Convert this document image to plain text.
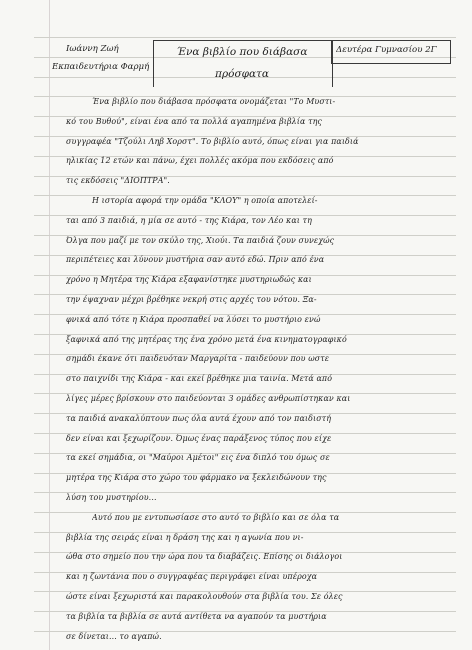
Ιωάννη Ζωή
Εκπαιδευτήρια Φαρμή
Ένα βιβλίο που διάβασα
πρόσφατα
Δευτέρα Γυμνασίου 2Γ
Ένα βιβλίο που διάβασα πρόσφατα ονομάζεται "Το Μυστι-
κό του Βυθού", είναι ένα από τα πολλά αγαπημένα βιβλία της
συγγραφέα "Τζούλι Ληβ Χορστ". Το βιβλίο αυτό, όπως είναι για παιδιά
ηλικίας 12 ετών και πάνω, έχει πολλές ακόμα που εκδόσεις από
τις εκδόσεις "ΔΙΟΠΤΡΑ".
Η ιστορία αφορά την ομάδα "ΚΛΟΥ" η οποία αποτελεί-
ται από 3 παιδιά, η μία σε αυτό - της Κιάρα, τον Λέο και τη
Όλγα που μαζί με τον σκύλο της, Χιούι. Τα παιδιά ζουν συνεχώς
περιπέτειες και λύνουν μυστήρια σαν αυτό εδώ. Πριν από ένα
χρόνο η Μητέρα της Κιάρα εξαφανίστηκε μυστηριωδώς και
την έψαχναν μέχρι βρέθηκε νεκρή στις αρχές του νότου. Ξα-
φνικά από τότε η Κιάρα προσπαθεί να λύσει το μυστήριο ενώ
ξαφνικά από της μητέρας της ένα χρόνο μετά ένα κινηματογραφικό
σημάδι έκανε ότι παιδευόταν Μαργαρίτα - παιδεύουν που ωστε
στο παιχνίδι της Κιάρα - και εκεί βρέθηκε μια ταινία. Μετά από
λίγες μέρες βρίσκουν στο παιδεύονται 3 ομάδες ανθρωπίστηκαν και
τα παιδιά ανακαλύπτουν πως όλα αυτά έχουν από τον παιδιστή
δεν είναι και ξεχωρίζουν. Όμως ένας παράξενος τύπος που είχε
τα εκεί σημάδια, οι "Μαύροι Αμέτοι" εις ένα διπλό του όμως σε
μητέρα της Κιάρα στο χώρο του φάρμακο να ξεκλειδώνουν της
λύση του μυστηρίου...
Αυτό που με εντυπωσίασε στο αυτό το βιβλίο και σε όλα τα
βιβλία της σειράς είναι η δράση της και η αγωνία που νι-
ώθα στο σημείο που την ώρα που τα διαβάζεις. Επίσης οι διάλογοι
και η ζωντάνια που ο συγγραφέας περιγράφει είναι υπέροχα
ώστε είναι ξεχωριστά και παρακολουθούν στα βιβλία του. Σε όλες
τα βιβλία τα βιβλία σε αυτά αντίθετα να αγαπούν τα μυστήρια
σε δίνεται... το αγαπώ.
